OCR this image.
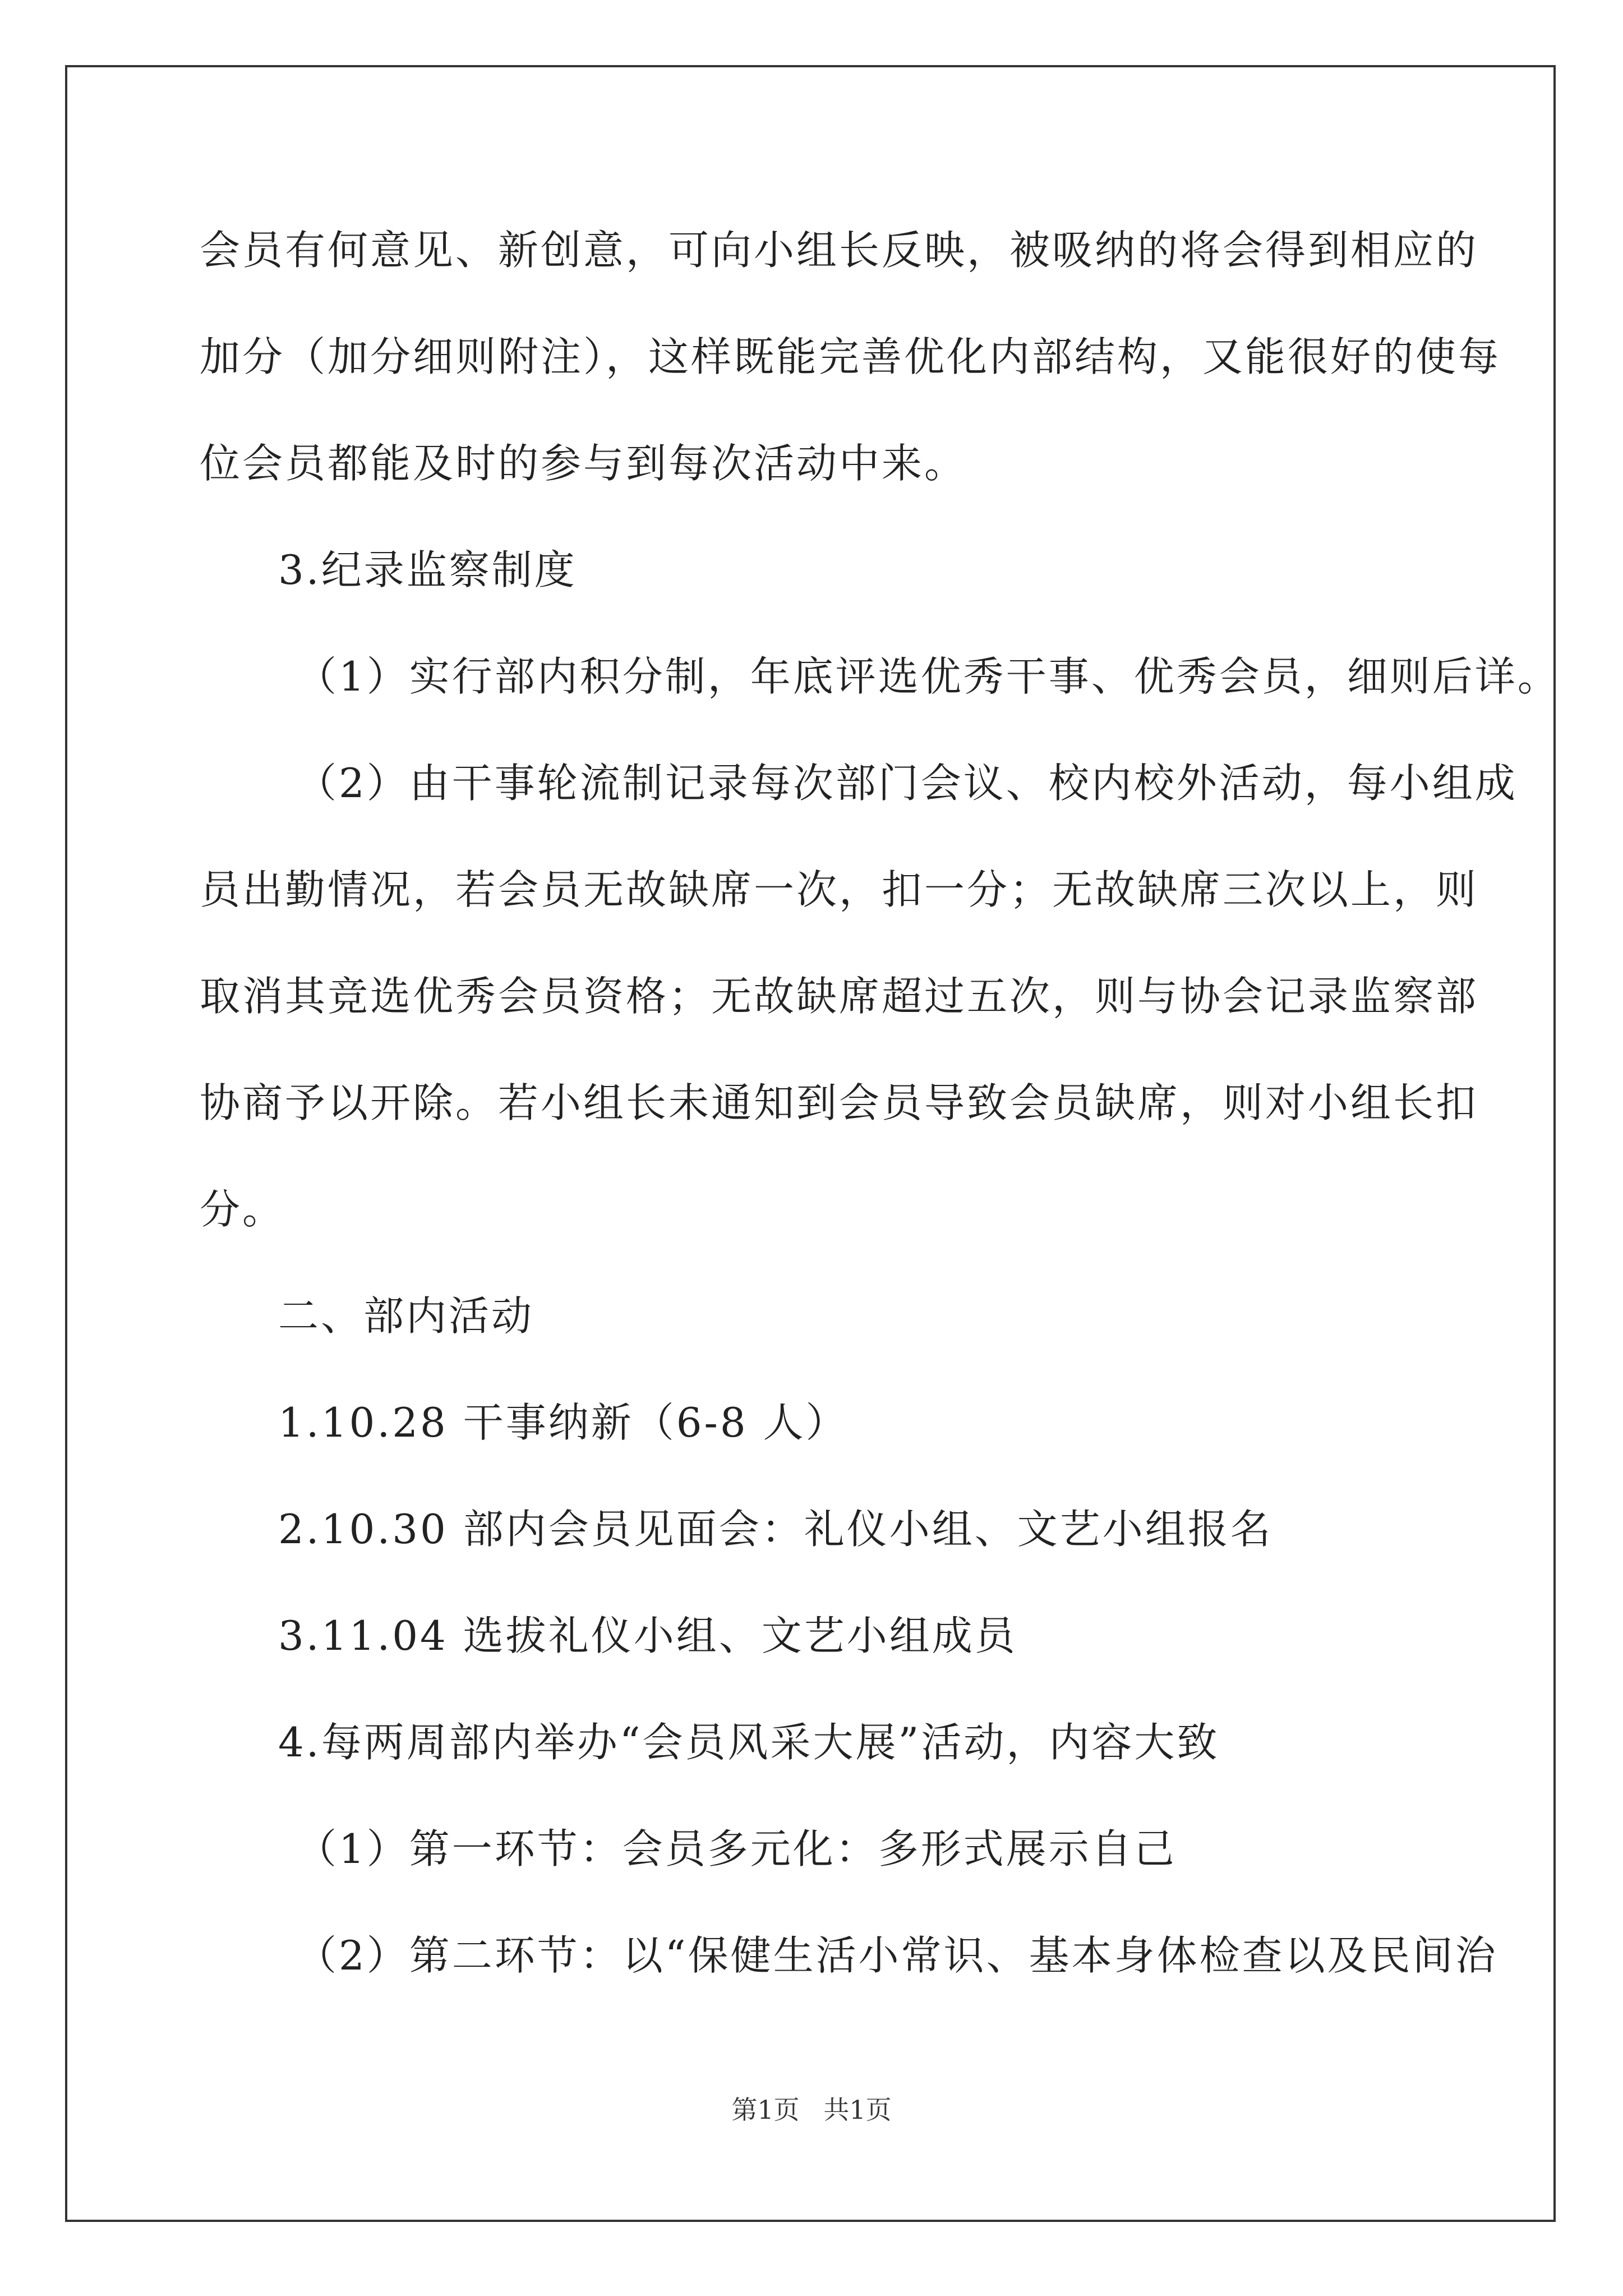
会员有何意见、新创意，可向小组长反映，被吸纳的将会得到相应的
加分（加分细则附注），这样既能完善优化内部结构，又能很好的使每
位会员都能及时的参与到每次活动中来。
3.纪录监察制度
（1）实行部内积分制，年底评选优秀干事、优秀会员，细则后详。
（2）由干事轮流制记录每次部门会议、校内校外活动，每小组成
员出勤情况，若会员无故缺席一次，扣一分；无故缺席三次以上，则
取消其竞选优秀会员资格；无故缺席超过五次，则与协会记录监察部
协商予以开除。若小组长未通知到会员导致会员缺席，则对小组长扣
分。
二、部内活动
1.10.28 干事纳新（6-8 人）
2.10.30 部内会员见面会：礼仪小组、文艺小组报名
3.11.04 选拔礼仪小组、文艺小组成员
4.每两周部内举办“会员风采大展”活动，内容大致
（1）第一环节：会员多元化：多形式展示自己
（2）第二环节：以“保健生活小常识、基本身体检查以及民间治
第1页 共1页
